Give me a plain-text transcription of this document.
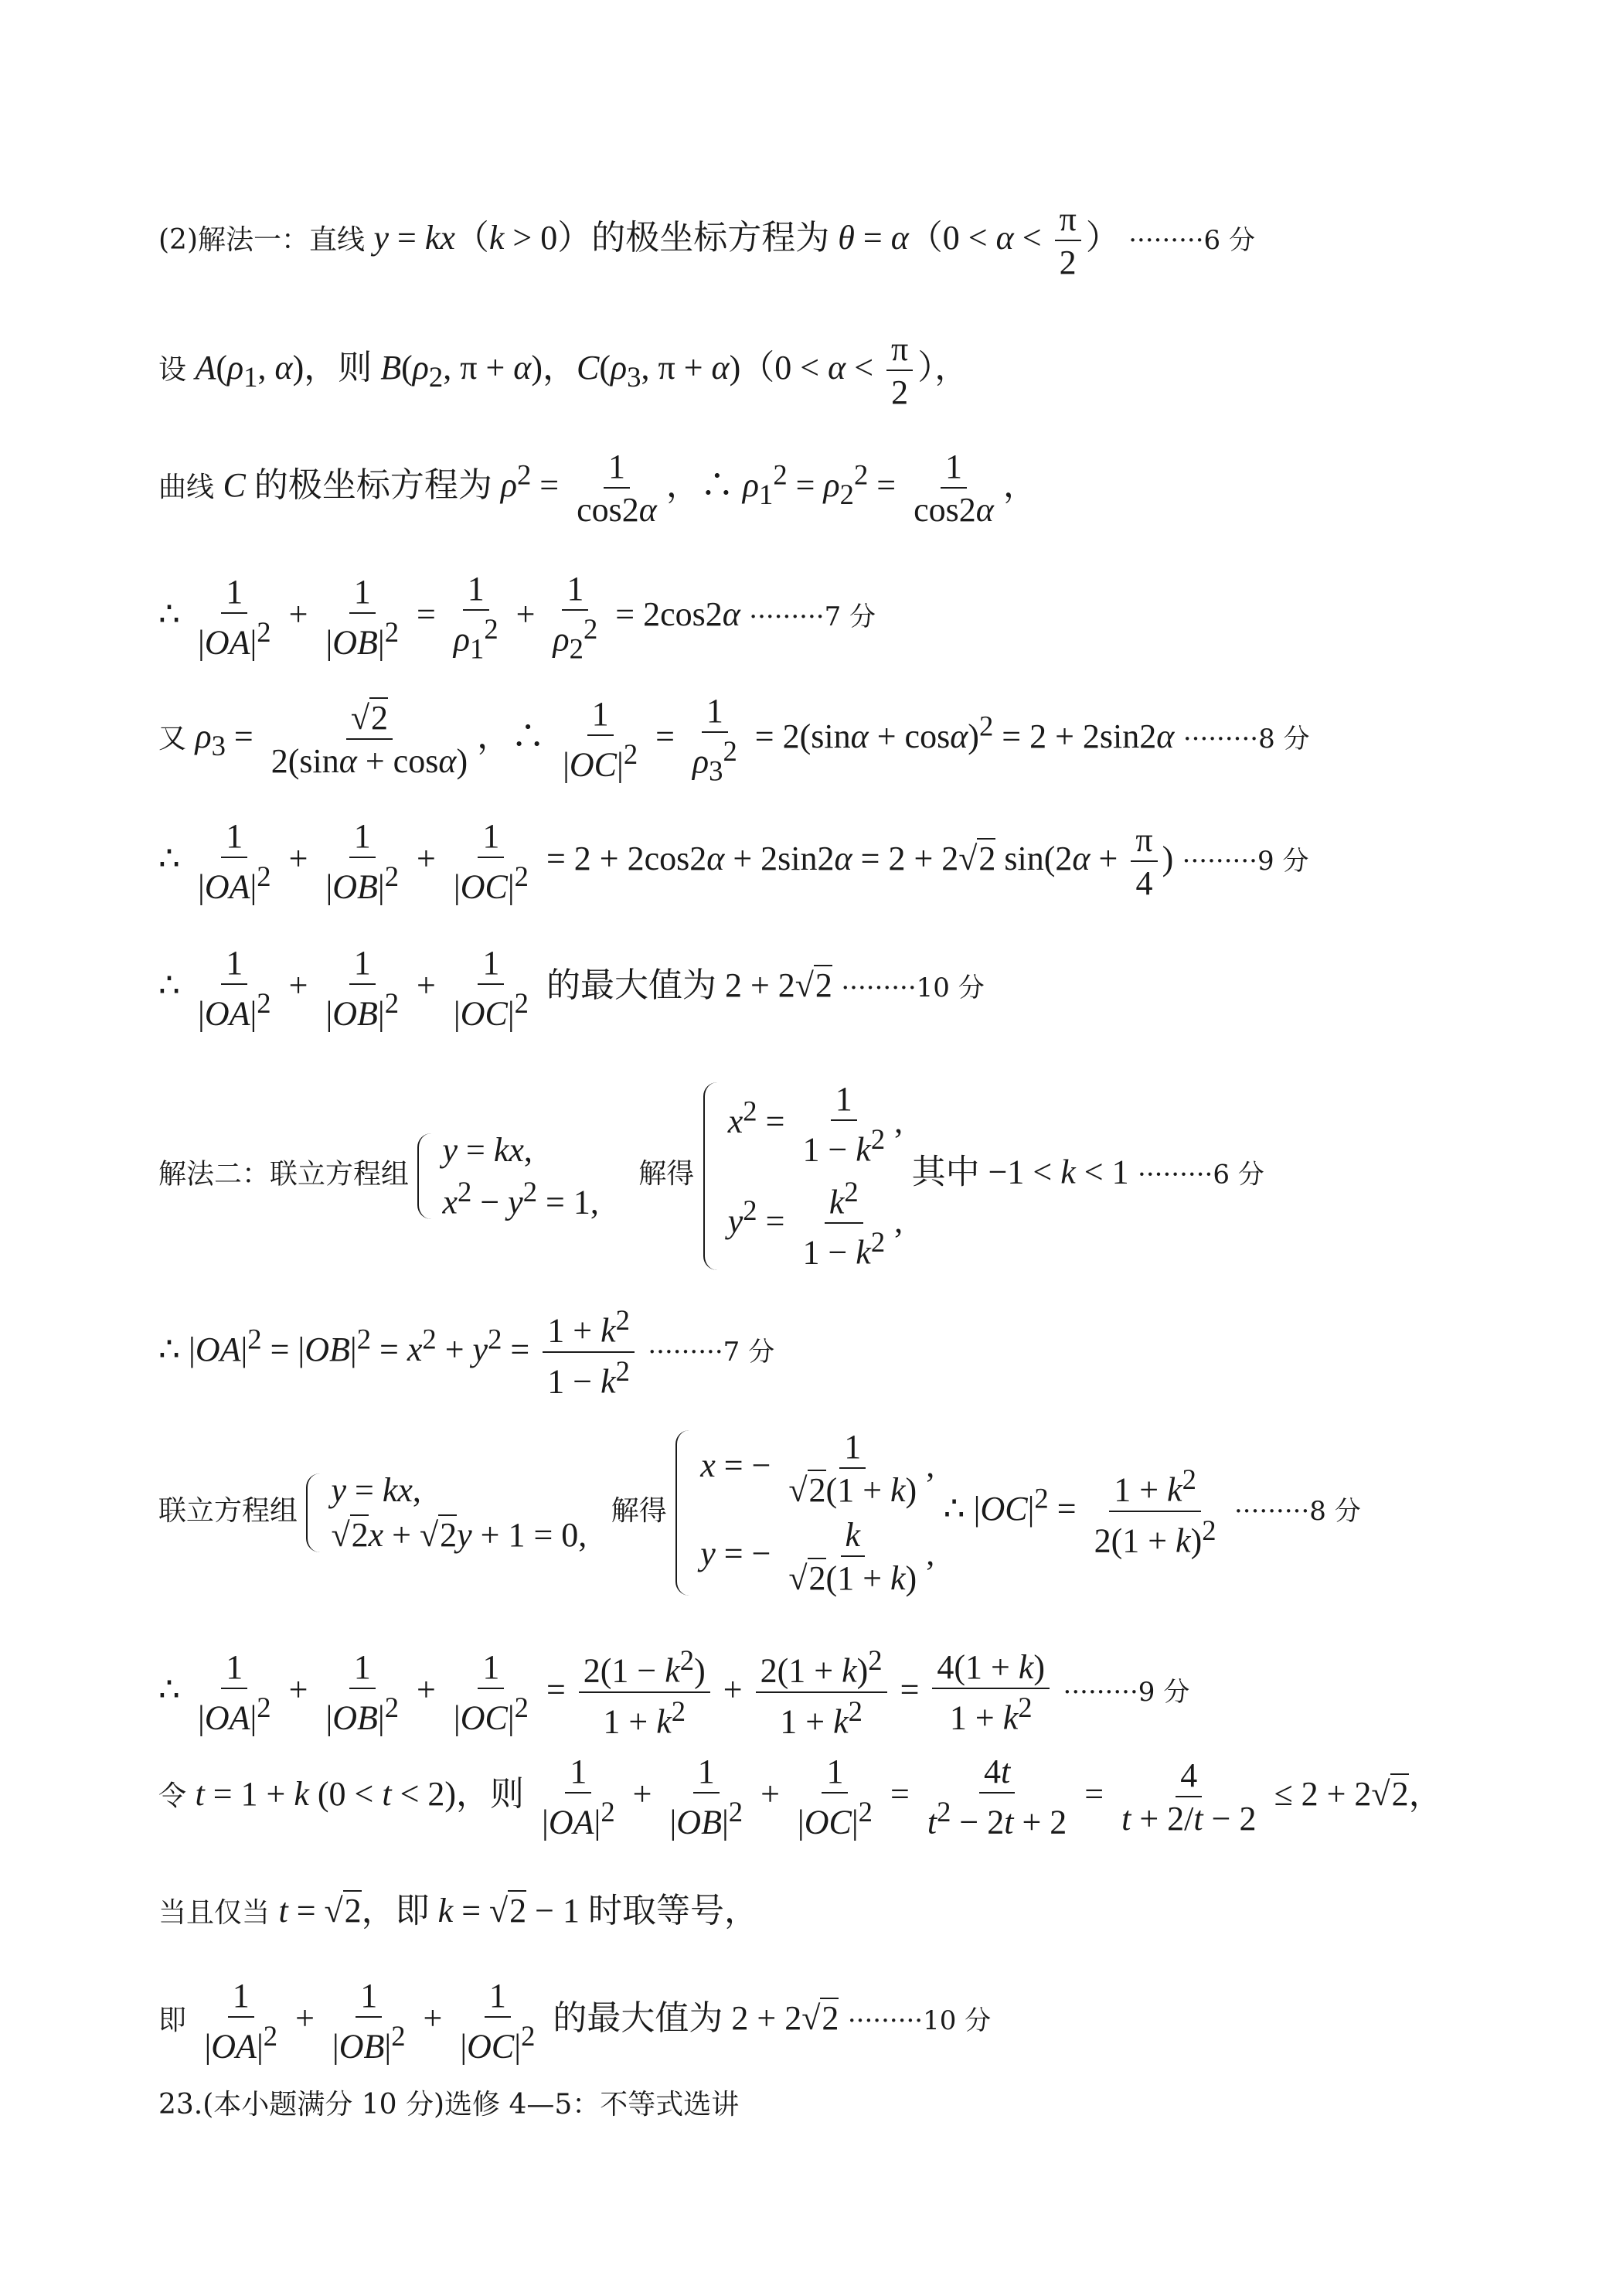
(2)解法一：直线 y = kx（k > 0）的极坐标方程为 $\theta = \alpha(0 < \alpha < \frac{\pi}{2}$ ） ·········6 分
设 $A(\rho_1$, α)，则 $B(\rho_2$, π + α)，$C(\rho_3$, $\pi + \alpha)(0 < \alpha < \frac{\pi}{2}$ ），
曲线 C 的极坐标方程为 $\rho^2 = \frac{1}{\cos 2\alpha}$ ，∴ $\rho_1^2 = \rho_2^2 = \frac{1}{\cos 2\alpha}$ ，
∴ $\frac{1}{|OA|^2} + \frac{1}{|OB|^2} = \frac{1}{\rho_1^2} + \frac{1}{\rho_2^2} = 2\cos 2\alpha \cdot\cdot\cdot\cdot\cdot\cdot\cdot\cdot\cdot 7$ 分
又 $\rho_3 = \frac{√2}{2(\sin\alpha + \cos\alpha)}$ ，∴ $\frac{1}{|OC|^2} = \frac{1}{\rho_3^2} = 2(\sin\alpha + \cos\alpha)^2 = 2 + 2\sin 2\alpha \cdot\cdot\cdot\cdot\cdot\cdot\cdot\cdot\cdot 8$ 分
∴ $\frac{1}{|OA|^2} + \frac{1}{|OB|^2} + \frac{1}{|OC|^2} = 2 + 2\cos 2\alpha + 2\sin 2\alpha = 2 + 2√2$ $\sin(2\alpha + \frac{\pi}{4}$ ) ·········9 分
∴ $\frac{1}{|OA|^2} + \frac{1}{|OB|^2} + \frac{1}{|OC|^2}$ 的最大值为 2 + 2√2 ·········10 分
解法二：联立方程组
y = kx,
$x^2 - y^2 = 1$,
解得
$x^2 = \frac{1}{1 - k^2}$ ,
$y^2 = \frac{k^2}{1 - k^2}$ ,
其中 −1 < k < 1 ·········6 分
∴ $|OA|^2 = |OB|^2 = x^2 + y^2 = \frac{1 + k^2}{1 - k^2} \cdot\cdot\cdot\cdot\cdot\cdot\cdot\cdot\cdot 7$ 分
联立方程组
y = kx,
√2x + √2y + 1 = 0,
解得
x = − $\frac{1}{√2(1 + k)}$ ,
y = − $\frac{k}{√2(1 + k)}$ ,
∴ $|OC|^2 = \frac{1 + k^2}{2(1 + k)^2} \cdot\cdot\cdot\cdot\cdot\cdot\cdot\cdot\cdot 8$ 分
∴ $\frac{1}{|OA|^2} + \frac{1}{|OB|^2} + \frac{1}{|OC|^2} = \frac{2(1 - k^2)}{1 + k^2} + \frac{2(1 + k)^2}{1 + k^2} = \frac{4(1 + k)}{1 + k^2} \cdot\cdot\cdot\cdot\cdot\cdot\cdot\cdot\cdot 9$ 分
令 t = 1 + k (0 < t < 2)，则 $\frac{1}{|OA|^2} + \frac{1}{|OB|^2} + \frac{1}{|OC|^2} = \frac{4t}{t^2 - 2t + 2} = \frac{4}{t + 2/t - 2} \le 2 + 2√2$，
当且仅当 t = √2，即 k = √2 − 1 时取等号，
即 $\frac{1}{|OA|^2} + \frac{1}{|OB|^2} + \frac{1}{|OC|^2}$ 的最大值为 2 + 2√2 ·········10 分
23.(本小题满分 10 分)选修 4—5：不等式选讲
